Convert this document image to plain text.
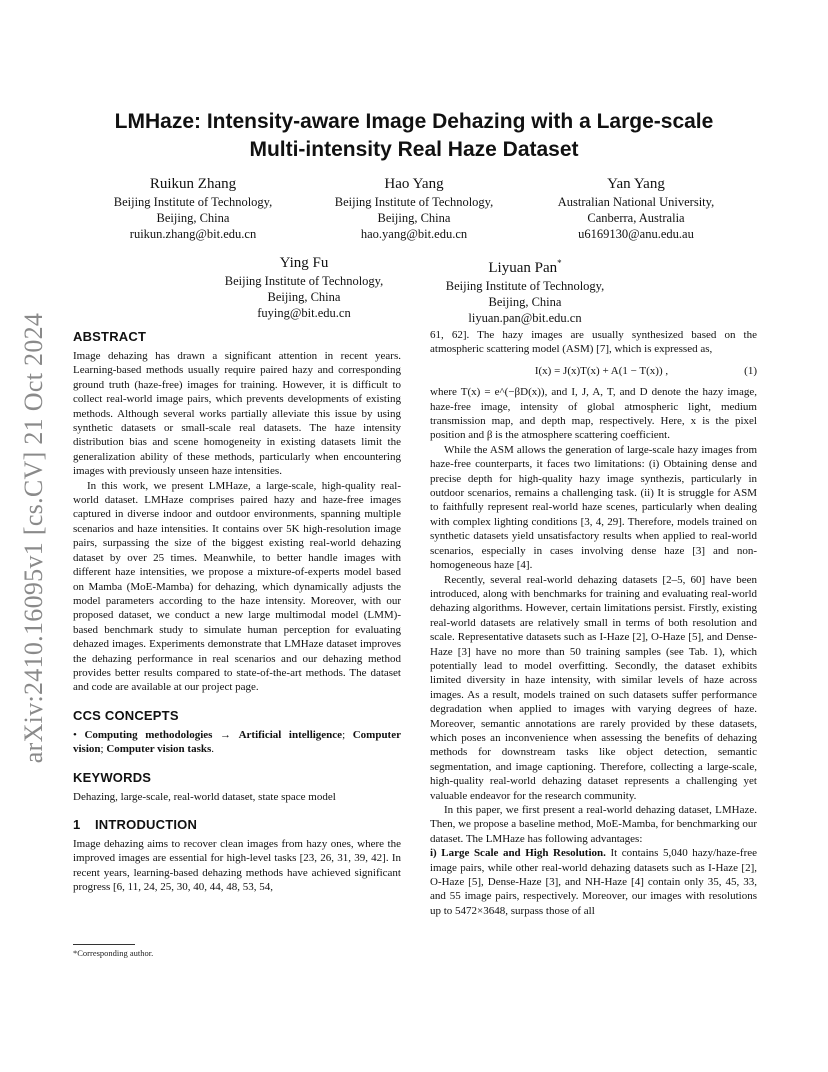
arXiv:2410.16095v1 [cs.CV] 21 Oct 2024
LMHaze: Intensity-aware Image Dehazing with a Large-scale
Multi-intensity Real Haze Dataset
Ruikun Zhang
Beijing Institute of Technology,
Beijing, China
ruikun.zhang@bit.edu.cn
Hao Yang
Beijing Institute of Technology,
Beijing, China
hao.yang@bit.edu.cn
Yan Yang
Australian National University,
Canberra, Australia
u6169130@anu.edu.au
Ying Fu
Beijing Institute of Technology,
Beijing, China
fuying@bit.edu.cn
Liyuan Pan*
Beijing Institute of Technology,
Beijing, China
liyuan.pan@bit.edu.cn
ABSTRACT

Image dehazing has drawn a significant attention in recent years. Learning-based methods usually require paired hazy and corresponding ground truth (haze-free) images for training. However, it is difficult to collect real-world image pairs, which prevents developments of existing methods. Although several works partially alleviate this issue by using synthetic datasets or small-scale real datasets. The haze intensity distribution bias and scene homogeneity in existing datasets limit the generalization ability of these methods, particularly when encountering images with previously unseen haze intensities.

In this work, we present LMHaze, a large-scale, high-quality real-world dataset. LMHaze comprises paired hazy and haze-free images captured in diverse indoor and outdoor environments, spanning multiple scenarios and haze intensities. It contains over 5K high-resolution image pairs, surpassing the size of the biggest existing real-world dehazing dataset by over 25 times. Meanwhile, to better handle images with different haze intensities, we propose a mixture-of-experts model based on Mamba (MoE-Mamba) for dehazing, which dynamically adjusts the model parameters according to the haze intensity. Moreover, with our proposed dataset, we conduct a new large multimodal model (LMM)-based benchmark study to simulate human perception for evaluating dehazed images. Experiments demonstrate that LMHaze dataset improves the dehazing performance in real scenarios and our dehazing method provides better results compared to state-of-the-art methods. The dataset and code are available at our project page.

CCS CONCEPTS

• Computing methodologies → Artificial intelligence; Computer vision; Computer vision tasks.

KEYWORDS

Dehazing, large-scale, real-world dataset, state space model

1 INTRODUCTION

Image dehazing aims to recover clean images from hazy ones, where the improved images are essential for high-level tasks [23, 26, 31, 39, 42]. In recent years, learning-based dehazing methods have achieved significant progress [6, 11, 24, 25, 30, 40, 44, 48, 53, 54,

*Corresponding author.

61, 62]. The hazy images are usually synthesized based on the atmospheric scattering model (ASM) [7], which is expressed as,

I(x) = J(x)T(x) + A(1 − T(x)) ,	(1)

where T(x) = e^(−βD(x)), and I, J, A, T, and D denote the hazy image, haze-free image, intensity of global atmospheric light, medium transmission map, and depth map, respectively. Here, x is the pixel position and β is the atmosphere scattering coefficient.

While the ASM allows the generation of large-scale hazy images from haze-free counterparts, it faces two limitations: (i) Obtaining dense and precise depth for high-quality hazy image synthezis, particularly in outdoor scenarios, remains a challenging task. (ii) It is struggle for ASM to faithfully represent real-world haze scenes, particularly when dealing with complex lighting conditions [3, 4, 29]. Therefore, models trained on synthetic datasets yield unsatisfactory results when applied to real-world scenarios, especially in cases involving dense haze [3] and non-homogeneous haze [4].

Recently, several real-world dehazing datasets [2–5, 60] have been introduced, along with benchmarks for training and evaluating real-world dehazing algorithms. However, certain limitations persist. Firstly, existing real-world datasets are relatively small in terms of both resolution and scale. Representative datasets such as I-Haze [2], O-Haze [5], and Dense-Haze [3] have no more than 50 training samples (see Tab. 1), which potentially lead to model overfitting. Secondly, the dataset exhibits limited diversity in haze intensity, with similar levels of haze across images. As a result, models trained on such datasets suffer performance degradation when applied to images with varying degrees of haze. Moreover, semantic annotations are rarely provided by these datasets, which poses an inconvenience when assessing the benefits of dehazing methods for downstream tasks like object detection, semantic segmentation, and image captioning. Therefore, collecting a large-scale, high-quality real-world dehazing dataset represents a challenging yet valuable endeavor for the research community.

In this paper, we first present a real-world dehazing dataset, LMHaze. Then, we propose a baseline method, MoE-Mamba, for benchmarking our dataset. The LMHaze has following advantages:

i) Large Scale and High Resolution. It contains 5,040 hazy/haze-free image pairs, while other real-world dehazing datasets such as I-Haze [2], O-Haze [5], Dense-Haze [3], and NH-Haze [4] contain only 35, 45, 33, and 55 image pairs, respectively. Moreover, our images with resolutions up to 5472×3648, surpass those of all
